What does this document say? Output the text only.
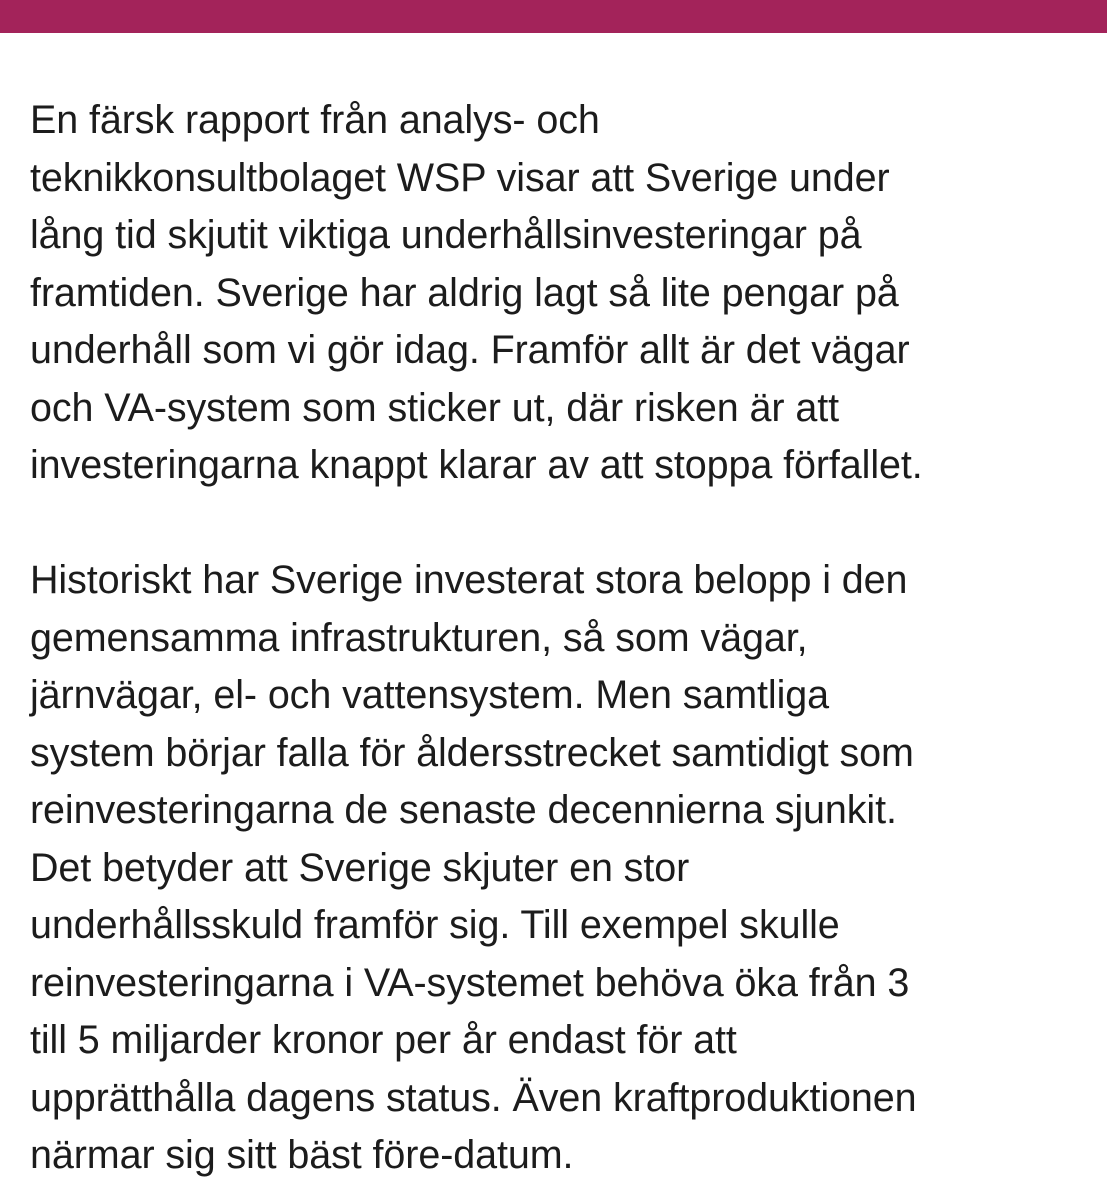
En färsk rapport från analys- och
teknikkonsultbolaget WSP visar att Sverige under
lång tid skjutit viktiga underhållsinvesteringar på
framtiden. Sverige har aldrig lagt så lite pengar på
underhåll som vi gör idag. Framför allt är det vägar
och VA-system som sticker ut, där risken är att
investeringarna knappt klarar av att stoppa förfallet.

Historiskt har Sverige investerat stora belopp i den
gemensamma infrastrukturen, så som vägar,
järnvägar, el- och vattensystem. Men samtliga
system börjar falla för åldersstrecket samtidigt som
reinvesteringarna de senaste decennierna sjunkit.
Det betyder att Sverige skjuter en stor
underhållsskuld framför sig. Till exempel skulle
reinvesteringarna i VA-systemet behöva öka från 3
till 5 miljarder kronor per år endast för att
upprätthålla dagens status. Även kraftproduktionen
närmar sig sitt bäst före-datum.
